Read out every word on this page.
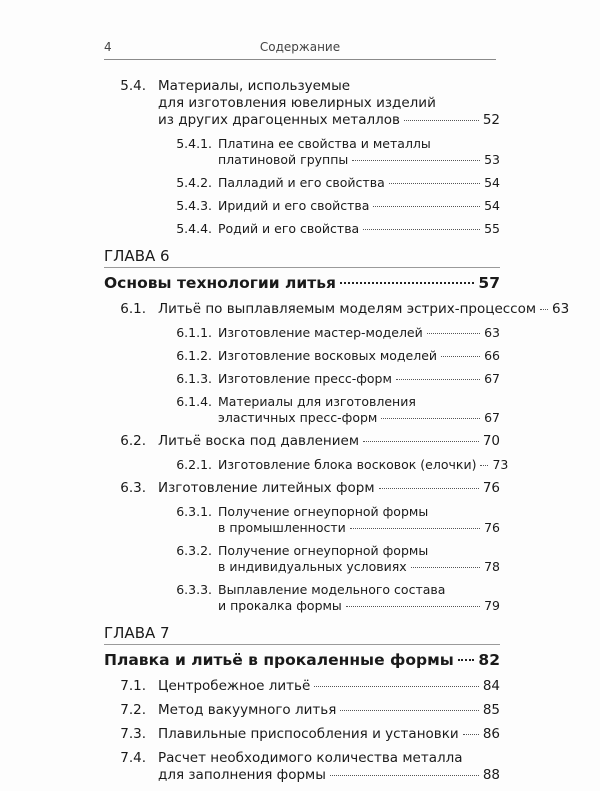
4	Содержание
5.4. Материалы, используемые
для изготовления ювелирных изделий
из других драгоценных металлов	52
5.4.1. Платина ее свойства и металлы
платиновой группы	53
5.4.2. Палладий и его свойства	54
5.4.3. Иридий и его свойства	54
5.4.4. Родий и его свойства	55
ГЛАВА 6
Основы технологии литья	57
6.1. Литьё по выплавляемым моделям эстрих-процессом 63
6.1.1. Изготовление мастер-моделей	63
6.1.2. Изготовление восковых моделей	66
6.1.3. Изготовление пресс-форм	67
6.1.4. Материалы для изготовления
эластичных пресс-форм	67
6.2. Литьё воска под давлением	70
6.2.1. Изготовление блока восковок (елочки) 73
6.3. Изготовление литейных форм	76
6.3.1. Получение огнеупорной формы
в промышленности	76
6.3.2. Получение огнеупорной формы
в индивидуальных условиях	78
6.3.3. Выплавление модельного состава
и прокалка формы	79
ГЛАВА 7
Плавка и литьё в прокаленные формы 82
7.1. Центробежное литьё	84
7.2. Метод вакуумного литья	85
7.3. Плавильные приспособления и установки 86
7.4. Расчет необходимого количества металла
для заполнения формы	88
